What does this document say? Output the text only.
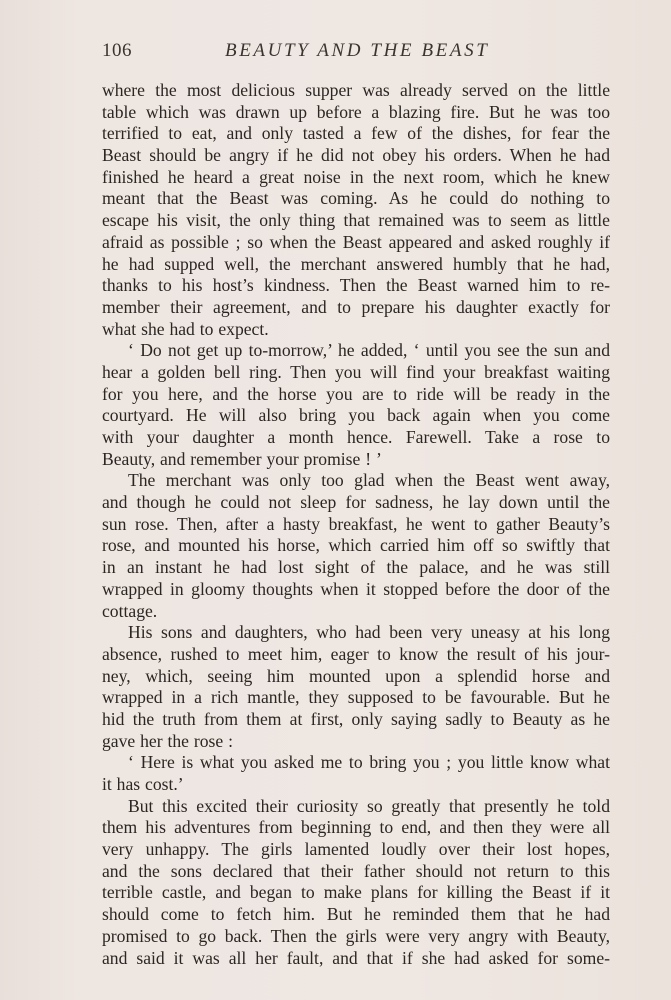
106	BEAUTY AND THE BEAST
where the most delicious supper was already served on the little
table which was drawn up before a blazing fire. But he was too
terrified to eat, and only tasted a few of the dishes, for fear the
Beast should be angry if he did not obey his orders. When he had
finished he heard a great noise in the next room, which he knew
meant that the Beast was coming. As he could do nothing to
escape his visit, the only thing that remained was to seem as little
afraid as possible ; so when the Beast appeared and asked roughly if
he had supped well, the merchant answered humbly that he had,
thanks to his host’s kindness. Then the Beast warned him to re-
member their agreement, and to prepare his daughter exactly for
what she had to expect.
‘ Do not get up to-morrow,’ he added, ‘ until you see the sun and
hear a golden bell ring. Then you will find your breakfast waiting
for you here, and the horse you are to ride will be ready in the
courtyard. He will also bring you back again when you come
with your daughter a month hence. Farewell. Take a rose to
Beauty, and remember your promise ! ’
The merchant was only too glad when the Beast went away,
and though he could not sleep for sadness, he lay down until the
sun rose. Then, after a hasty breakfast, he went to gather Beauty’s
rose, and mounted his horse, which carried him off so swiftly that
in an instant he had lost sight of the palace, and he was still
wrapped in gloomy thoughts when it stopped before the door of the
cottage.
His sons and daughters, who had been very uneasy at his long
absence, rushed to meet him, eager to know the result of his jour-
ney, which, seeing him mounted upon a splendid horse and
wrapped in a rich mantle, they supposed to be favourable. But he
hid the truth from them at first, only saying sadly to Beauty as he
gave her the rose :
‘ Here is what you asked me to bring you ; you little know what
it has cost.’
But this excited their curiosity so greatly that presently he told
them his adventures from beginning to end, and then they were all
very unhappy. The girls lamented loudly over their lost hopes,
and the sons declared that their father should not return to this
terrible castle, and began to make plans for killing the Beast if it
should come to fetch him. But he reminded them that he had
promised to go back. Then the girls were very angry with Beauty,
and said it was all her fault, and that if she had asked for some-
